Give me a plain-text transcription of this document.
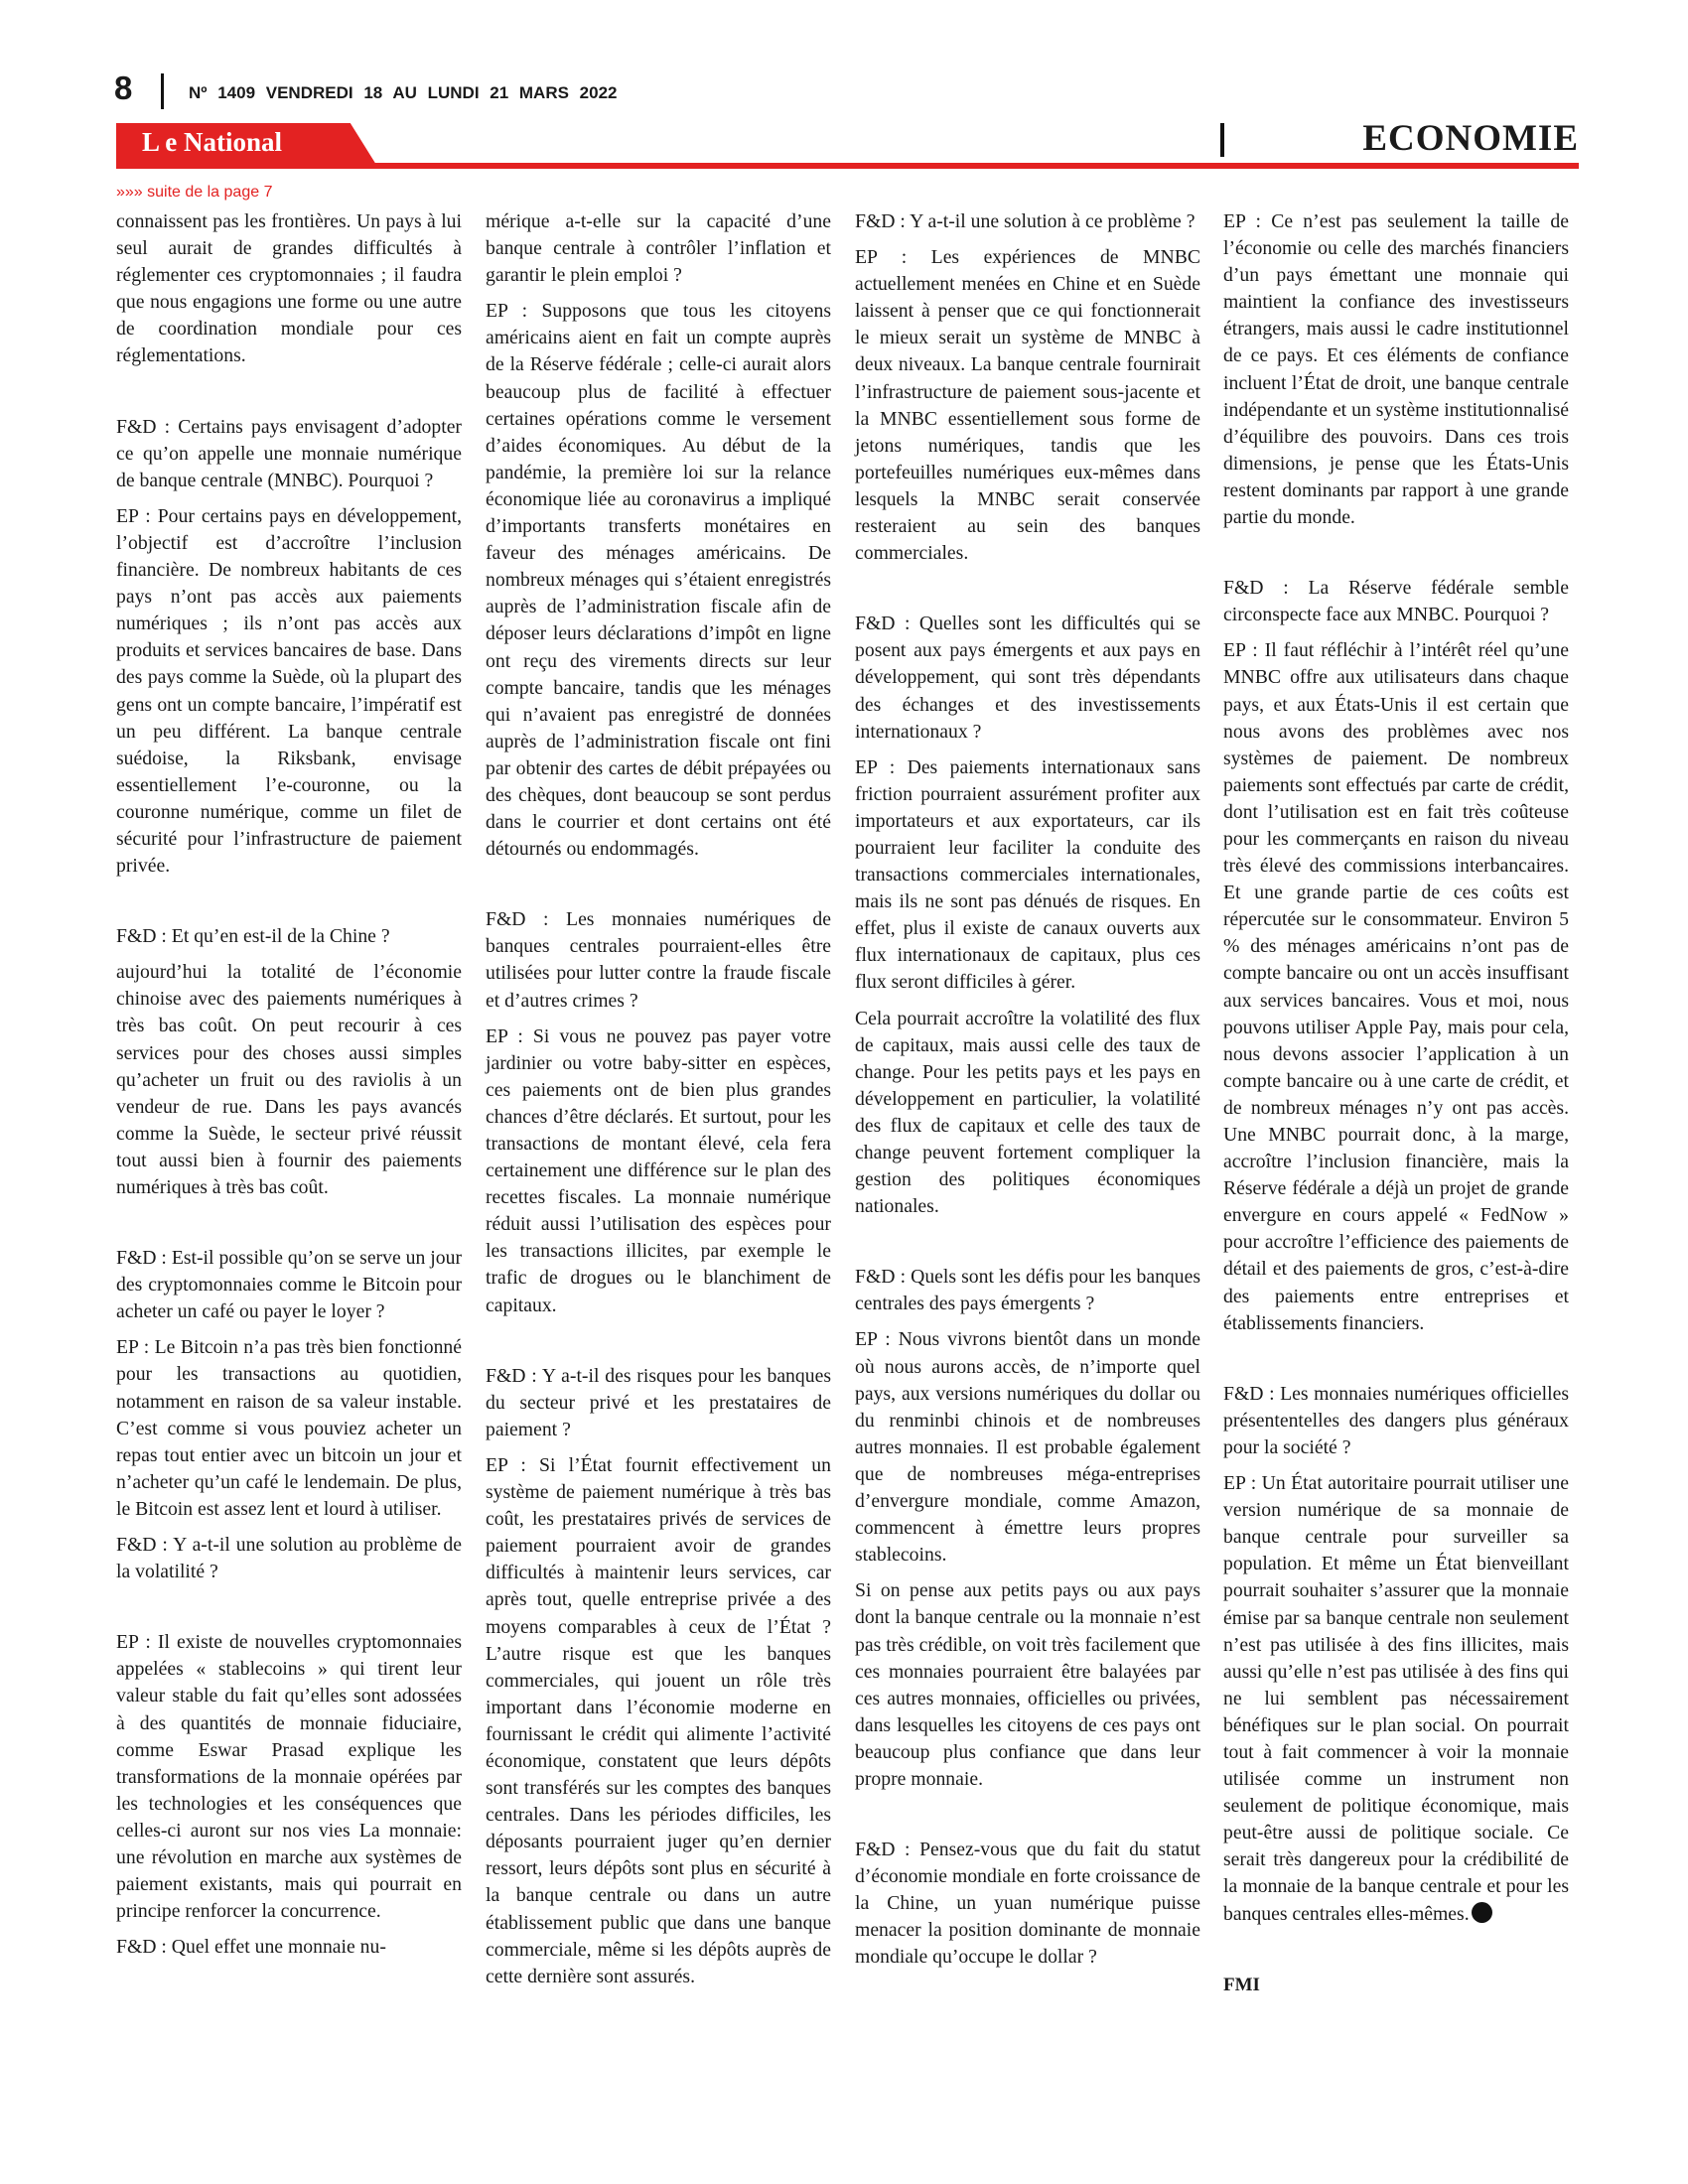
8	Nº 1409 VENDREDI 18 AU LUNDI 21 MARS 2022
L e National	ECONOMIE
»»» suite de la page 7

connaissent pas les frontières. Un pays à lui seul aurait de grandes difficultés à réglementer ces cryptomonnaies ; il faudra que nous engagions une forme ou une autre de coordination mondiale pour ces réglementations.

F&D : Certains pays envisagent d’adopter ce qu’on appelle une monnaie numérique de banque centrale (MNBC). Pourquoi ?

EP : Pour certains pays en développement, l’objectif est d’accroître l’inclusion financière. De nombreux habitants de ces pays n’ont pas accès aux paiements numériques ; ils n’ont pas accès aux produits et services bancaires de base. Dans des pays comme la Suède, où la plupart des gens ont un compte bancaire, l’impératif est un peu différent. La banque centrale suédoise, la Riksbank, envisage essentiellement l’e-couronne, ou la couronne numérique, comme un filet de sécurité pour l’infrastructure de paiement privée.

F&D : Et qu’en est-il de la Chine ?

aujourd’hui la totalité de l’économie chinoise avec des paiements numériques à très bas coût. On peut recourir à ces services pour des choses aussi simples qu’acheter un fruit ou des raviolis à un vendeur de rue. Dans les pays avancés comme la Suède, le secteur privé réussit tout aussi bien à fournir des paiements numériques à très bas coût.

F&D : Est-il possible qu’on se serve un jour des cryptomonnaies comme le Bitcoin pour acheter un café ou payer le loyer ?

EP : Le Bitcoin n’a pas très bien fonctionné pour les transactions au quotidien, notamment en raison de sa valeur instable. C’est comme si vous pouviez acheter un repas tout entier avec un bitcoin un jour et n’acheter qu’un café le lendemain. De plus, le Bitcoin est assez lent et lourd à utiliser.

F&D : Y a-t-il une solution au problème de la volatilité ?

EP : Il existe de nouvelles cryptomonnaies appelées « stablecoins » qui tirent leur valeur stable du fait qu’elles sont adossées à des quantités de monnaie fiduciaire, comme Eswar Prasad explique les transformations de la monnaie opérées par les technologies et les conséquences que celles-ci auront sur nos vies La monnaie: une révolution en marche aux systèmes de paiement existants, mais qui pourrait en principe renforcer la concurrence.

F&D : Quel effet une monnaie nu-

mérique a-t-elle sur la capacité d’une banque centrale à contrôler l’inflation et garantir le plein emploi ?

EP : Supposons que tous les citoyens américains aient en fait un compte auprès de la Réserve fédérale ; celle-ci aurait alors beaucoup plus de facilité à effectuer certaines opérations comme le versement d’aides économiques. Au début de la pandémie, la première loi sur la relance économique liée au coronavirus a impliqué d’importants transferts monétaires en faveur des ménages américains. De nombreux ménages qui s’étaient enregistrés auprès de l’administration fiscale afin de déposer leurs déclarations d’impôt en ligne ont reçu des virements directs sur leur compte bancaire, tandis que les ménages qui n’avaient pas enregistré de données auprès de l’administration fiscale ont fini par obtenir des cartes de débit prépayées ou des chèques, dont beaucoup se sont perdus dans le courrier et dont certains ont été détournés ou endommagés.

F&D : Les monnaies numériques de banques centrales pourraient-elles être utilisées pour lutter contre la fraude fiscale et d’autres crimes ?

EP : Si vous ne pouvez pas payer votre jardinier ou votre baby-sitter en espèces, ces paiements ont de bien plus grandes chances d’être déclarés. Et surtout, pour les transactions de montant élevé, cela fera certainement une différence sur le plan des recettes fiscales. La monnaie numérique réduit aussi l’utilisation des espèces pour les transactions illicites, par exemple le trafic de drogues ou le blanchiment de capitaux.

F&D : Y a-t-il des risques pour les banques du secteur privé et les prestataires de paiement ?

EP : Si l’État fournit effectivement un système de paiement numérique à très bas coût, les prestataires privés de services de paiement pourraient avoir de grandes difficultés à maintenir leurs services, car après tout, quelle entreprise privée a des moyens comparables à ceux de l’État ? L’autre risque est que les banques commerciales, qui jouent un rôle très important dans l’économie moderne en fournissant le crédit qui alimente l’activité économique, constatent que leurs dépôts sont transférés sur les comptes des banques centrales. Dans les périodes difficiles, les déposants pourraient juger qu’en dernier ressort, leurs dépôts sont plus en sécurité à la banque centrale ou dans un autre établissement public que dans une banque commerciale, même si les dépôts auprès de cette dernière sont assurés.

F&D : Y a-t-il une solution à ce problème ?

EP : Les expériences de MNBC actuellement menées en Chine et en Suède laissent à penser que ce qui fonctionnerait le mieux serait un système de MNBC à deux niveaux. La banque centrale fournirait l’infrastructure de paiement sous-jacente et la MNBC essentiellement sous forme de jetons numériques, tandis que les portefeuilles numériques eux-mêmes dans lesquels la MNBC serait conservée resteraient au sein des banques commerciales.

F&D : Quelles sont les difficultés qui se posent aux pays émergents et aux pays en développement, qui sont très dépendants des échanges et des investissements internationaux ?

EP : Des paiements internationaux sans friction pourraient assurément profiter aux importateurs et aux exportateurs, car ils pourraient leur faciliter la conduite des transactions commerciales internationales, mais ils ne sont pas dénués de risques. En effet, plus il existe de canaux ouverts aux flux internationaux de capitaux, plus ces flux seront difficiles à gérer.

Cela pourrait accroître la volatilité des flux de capitaux, mais aussi celle des taux de change. Pour les petits pays et les pays en développement en particulier, la volatilité des flux de capitaux et celle des taux de change peuvent fortement compliquer la gestion des politiques économiques nationales.

F&D : Quels sont les défis pour les banques centrales des pays émergents ?

EP : Nous vivrons bientôt dans un monde où nous aurons accès, de n’importe quel pays, aux versions numériques du dollar ou du renminbi chinois et de nombreuses autres monnaies. Il est probable également que de nombreuses méga-entreprises d’envergure mondiale, comme Amazon, commencent à émettre leurs propres stablecoins.

Si on pense aux petits pays ou aux pays dont la banque centrale ou la monnaie n’est pas très crédible, on voit très facilement que ces monnaies pourraient être balayées par ces autres monnaies, officielles ou privées, dans lesquelles les citoyens de ces pays ont beaucoup plus confiance que dans leur propre monnaie.

F&D : Pensez-vous que du fait du statut d’économie mondiale en forte croissance de la Chine, un yuan numérique puisse menacer la position dominante de monnaie mondiale qu’occupe le dollar ?

EP : Ce n’est pas seulement la taille de l’économie ou celle des marchés financiers d’un pays émettant une monnaie qui maintient la confiance des investisseurs étrangers, mais aussi le cadre institutionnel de ce pays. Et ces éléments de confiance incluent l’État de droit, une banque centrale indépendante et un système institutionnalisé d’équilibre des pouvoirs. Dans ces trois dimensions, je pense que les États-Unis restent dominants par rapport à une grande partie du monde.

F&D : La Réserve fédérale semble circonspecte face aux MNBC. Pourquoi ?

EP : Il faut réfléchir à l’intérêt réel qu’une MNBC offre aux utilisateurs dans chaque pays, et aux États-Unis il est certain que nous avons des problèmes avec nos systèmes de paiement. De nombreux paiements sont effectués par carte de crédit, dont l’utilisation est en fait très coûteuse pour les commerçants en raison du niveau très élevé des commissions interbancaires. Et une grande partie de ces coûts est répercutée sur le consommateur. Environ 5 % des ménages américains n’ont pas de compte bancaire ou ont un accès insuffisant aux services bancaires. Vous et moi, nous pouvons utiliser Apple Pay, mais pour cela, nous devons associer l’application à un compte bancaire ou à une carte de crédit, et de nombreux ménages n’y ont pas accès. Une MNBC pourrait donc, à la marge, accroître l’inclusion financière, mais la Réserve fédérale a déjà un projet de grande envergure en cours appelé « FedNow » pour accroître l’efficience des paiements de détail et des paiements de gros, c’est-à-dire des paiements entre entreprises et établissements financiers.

F&D : Les monnaies numériques officielles présententelles des dangers plus généraux pour la société ?

EP : Un État autoritaire pourrait utiliser une version numérique de sa monnaie de banque centrale pour surveiller sa population. Et même un État bienveillant pourrait souhaiter s’assurer que la monnaie émise par sa banque centrale non seulement n’est pas utilisée à des fins illicites, mais aussi qu’elle n’est pas utilisée à des fins qui ne lui semblent pas nécessairement bénéfiques sur le plan social. On pourrait tout à fait commencer à voir la monnaie utilisée comme un instrument non seulement de politique économique, mais peut-être aussi de politique sociale. Ce serait très dangereux pour la crédibilité de la monnaie de la banque centrale et pour les banques centrales elles-mêmes.

FMI
